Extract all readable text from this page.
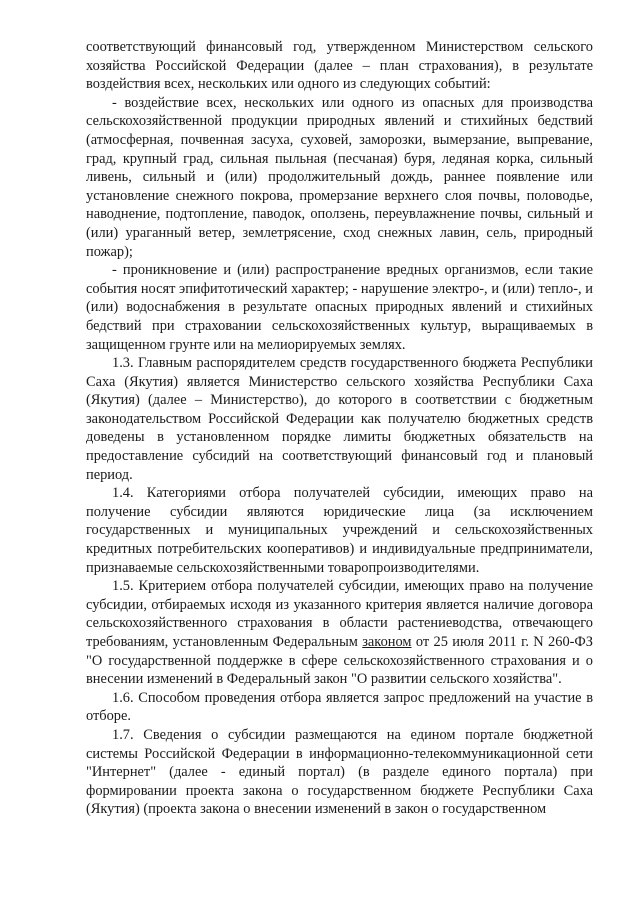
соответствующий финансовый год, утвержденном Министерством сельского хозяйства Российской Федерации (далее – план страхования), в результате воздействия всех, нескольких или одного из следующих событий:

- воздействие всех, нескольких или одного из опасных для производства сельскохозяйственной продукции природных явлений и стихийных бедствий (атмосферная, почвенная засуха, суховей, заморозки, вымерзание, выпревание, град, крупный град, сильная пыльная (песчаная) буря, ледяная корка, сильный ливень, сильный и (или) продолжительный дождь, раннее появление или установление снежного покрова, промерзание верхнего слоя почвы, половодье, наводнение, подтопление, паводок, оползень, переувлажнение почвы, сильный и (или) ураганный ветер, землетрясение, сход снежных лавин, сель, природный пожар);

- проникновение и (или) распространение вредных организмов, если такие события носят эпифитотический характер; - нарушение электро-, и (или) тепло-, и (или) водоснабжения в результате опасных природных явлений и стихийных бедствий при страховании сельскохозяйственных культур, выращиваемых в защищенном грунте или на мелиорируемых землях.

1.3. Главным распорядителем средств государственного бюджета Республики Саха (Якутия) является Министерство сельского хозяйства Республики Саха (Якутия) (далее – Министерство), до которого в соответствии с бюджетным законодательством Российской Федерации как получателю бюджетных средств доведены в установленном порядке лимиты бюджетных обязательств на предоставление субсидий на соответствующий финансовый год и плановый период.

1.4. Категориями отбора получателей субсидии, имеющих право на получение субсидии являются юридические лица (за исключением государственных и муниципальных учреждений и сельскохозяйственных кредитных потребительских кооперативов) и индивидуальные предприниматели, признаваемые сельскохозяйственными товаропроизводителями.

1.5. Критерием отбора получателей субсидии, имеющих право на получение субсидии, отбираемых исходя из указанного критерия является наличие договора сельскохозяйственного страхования в области растениеводства, отвечающего требованиям, установленным Федеральным законом от 25 июля 2011 г. N 260-ФЗ "О государственной поддержке в сфере сельскохозяйственного страхования и о внесении изменений в Федеральный закон "О развитии сельского хозяйства".

1.6. Способом проведения отбора является запрос предложений на участие в отборе.

1.7. Сведения о субсидии размещаются на едином портале бюджетной системы Российской Федерации в информационно-телекоммуникационной сети "Интернет" (далее - единый портал) (в разделе единого портала) при формировании проекта закона о государственном бюджете Республики Саха (Якутия) (проекта закона о внесении изменений в закон о государственном
